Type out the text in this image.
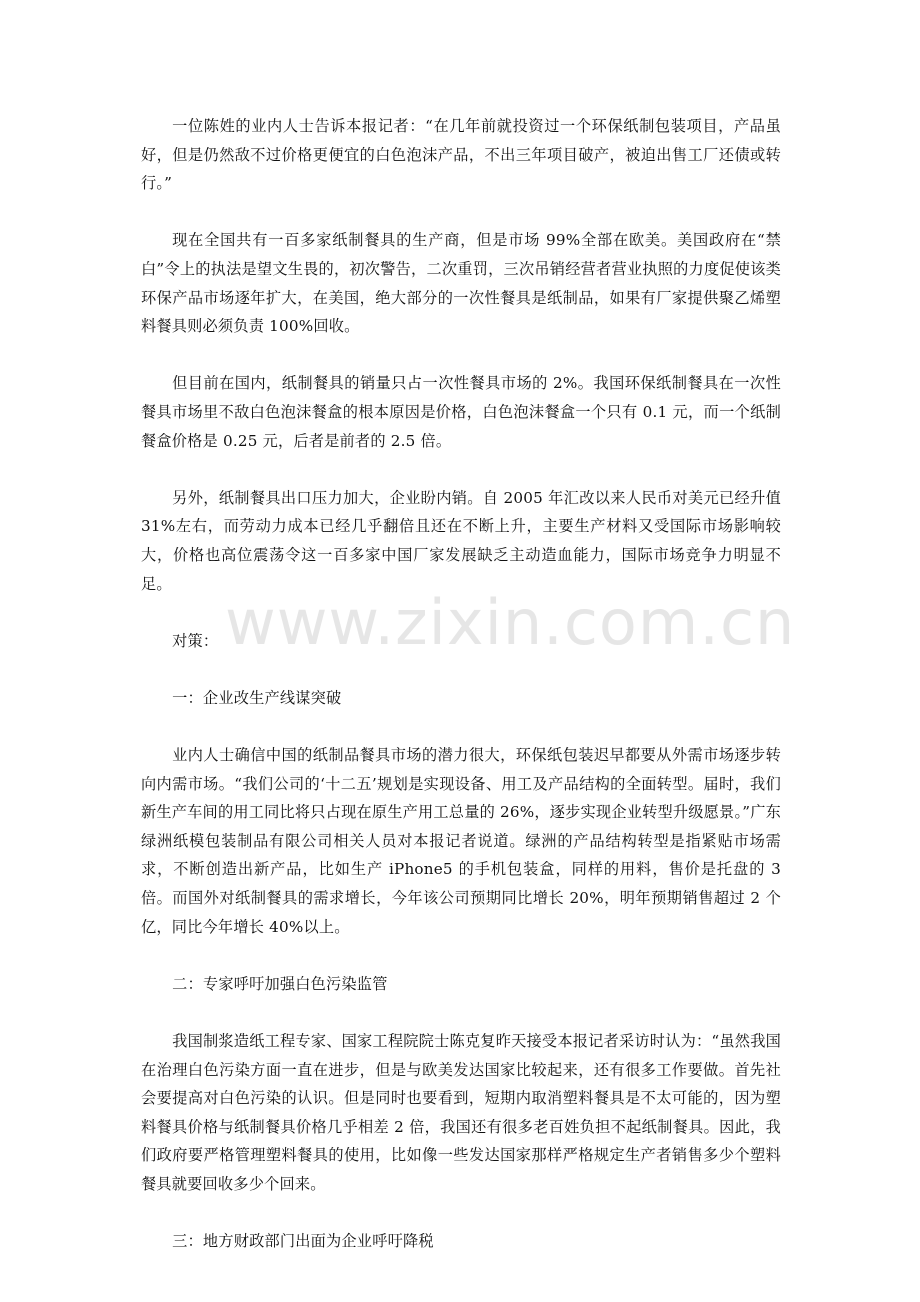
www.zixin.com.cn

一位陈姓的业内人士告诉本报记者：“在几年前就投资过一个环保纸制包装项目，产品虽好，但是仍然敌不过价格更便宜的白色泡沫产品，不出三年项目破产，被迫出售工厂还债或转行。”

现在全国共有一百多家纸制餐具的生产商，但是市场 99%全部在欧美。美国政府在“禁白”令上的执法是望文生畏的，初次警告，二次重罚，三次吊销经营者营业执照的力度促使该类环保产品市场逐年扩大，在美国，绝大部分的一次性餐具是纸制品，如果有厂家提供聚乙烯塑料餐具则必须负责 100%回收。

但目前在国内，纸制餐具的销量只占一次性餐具市场的 2%。我国环保纸制餐具在一次性餐具市场里不敌白色泡沫餐盒的根本原因是价格，白色泡沫餐盒一个只有 0.1 元，而一个纸制餐盒价格是 0.25 元，后者是前者的 2.5 倍。

另外，纸制餐具出口压力加大，企业盼内销。自 2005 年汇改以来人民币对美元已经升值 31%左右，而劳动力成本已经几乎翻倍且还在不断上升，主要生产材料又受国际市场影响较大，价格也高位震荡令这一百多家中国厂家发展缺乏主动造血能力，国际市场竞争力明显不足。

对策：

一：企业改生产线谋突破

业内人士确信中国的纸制品餐具市场的潜力很大，环保纸包装迟早都要从外需市场逐步转向内需市场。“我们公司的‘十二五’规划是实现设备、用工及产品结构的全面转型。届时，我们新生产车间的用工同比将只占现在原生产用工总量的 26%，逐步实现企业转型升级愿景。”广东绿洲纸模包装制品有限公司相关人员对本报记者说道。绿洲的产品结构转型是指紧贴市场需求，不断创造出新产品，比如生产 iPhone5 的手机包装盒，同样的用料，售价是托盘的 3 倍。而国外对纸制餐具的需求增长，今年该公司预期同比增长 20%，明年预期销售超过 2 个亿，同比今年增长 40%以上。

二：专家呼吁加强白色污染监管

我国制浆造纸工程专家、国家工程院院士陈克复昨天接受本报记者采访时认为：“虽然我国在治理白色污染方面一直在进步，但是与欧美发达国家比较起来，还有很多工作要做。首先社会要提高对白色污染的认识。但是同时也要看到，短期内取消塑料餐具是不太可能的，因为塑料餐具价格与纸制餐具价格几乎相差 2 倍，我国还有很多老百姓负担不起纸制餐具。因此，我们政府要严格管理塑料餐具的使用，比如像一些发达国家那样严格规定生产者销售多少个塑料餐具就要回收多少个回来。

三：地方财政部门出面为企业呼吁降税
